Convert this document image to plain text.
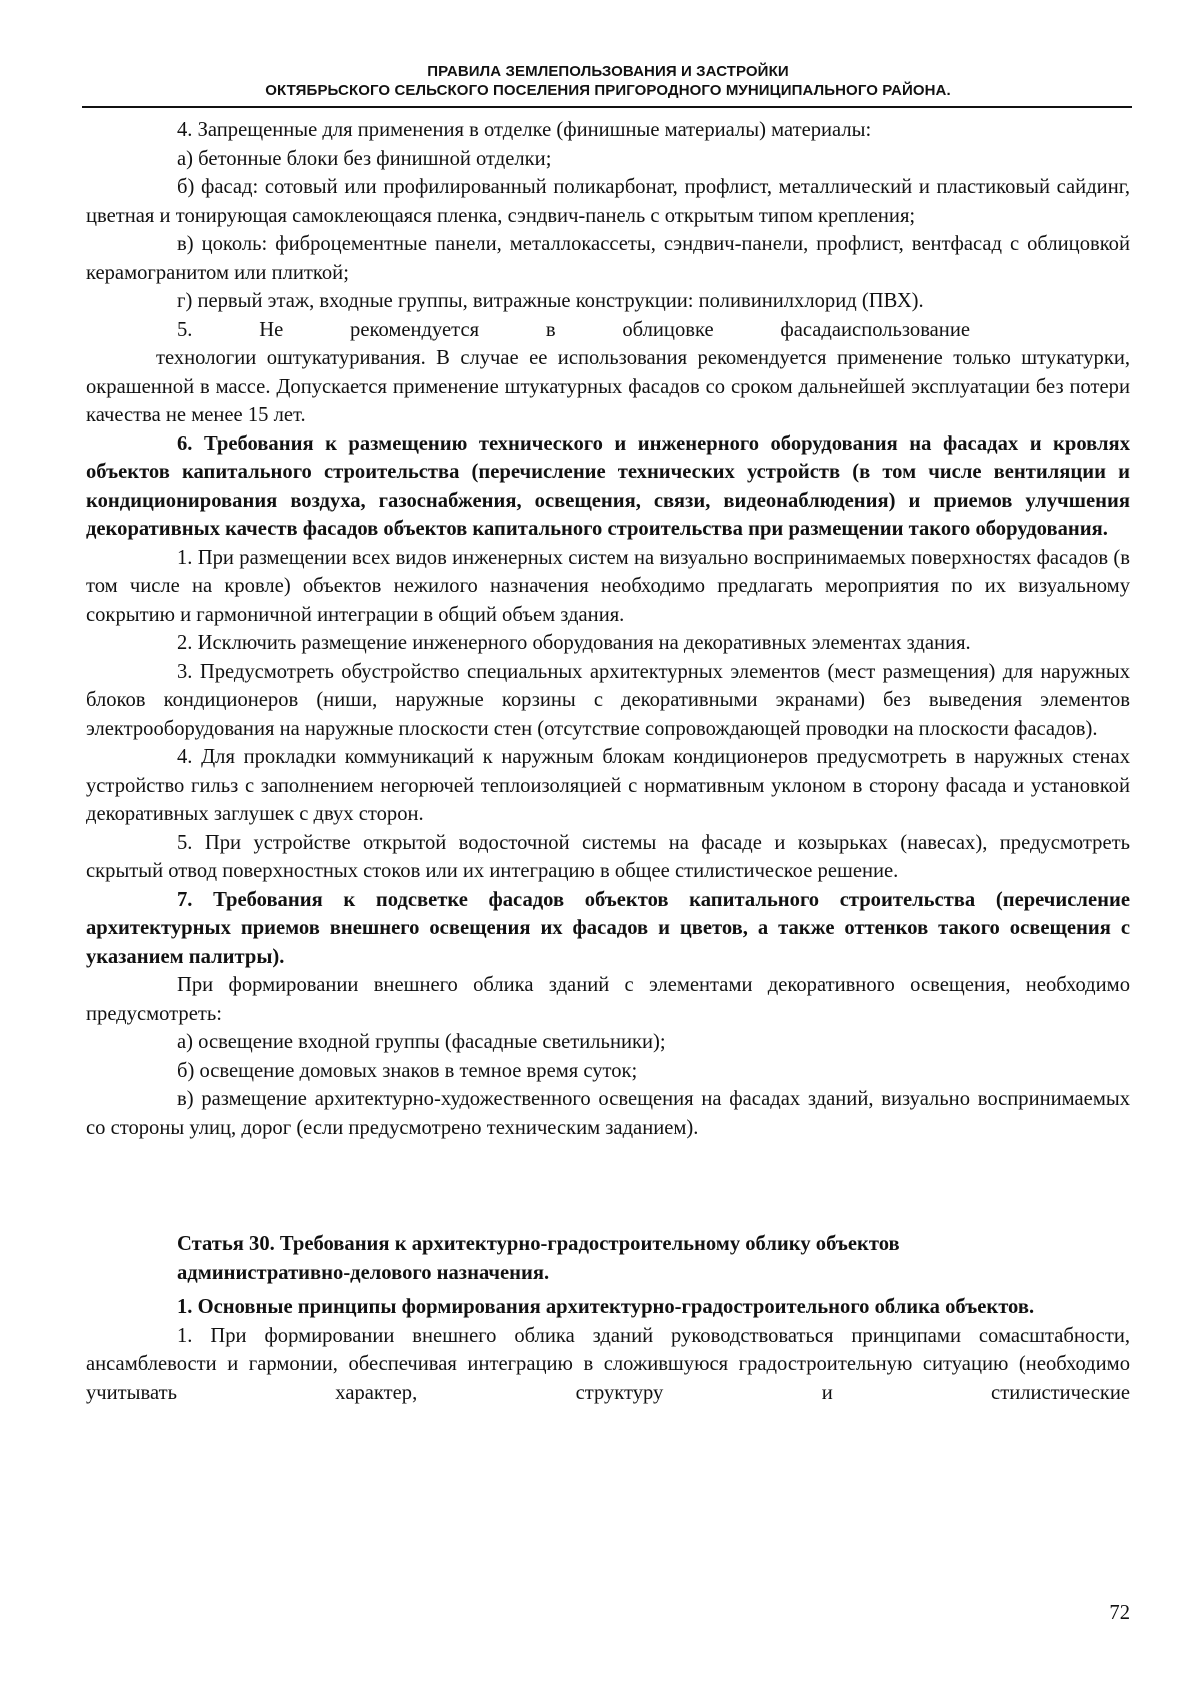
ПРАВИЛА ЗЕМЛЕПОЛЬЗОВАНИЯ И ЗАСТРОЙКИ
ОКТЯБРЬСКОГО СЕЛЬСКОГО ПОСЕЛЕНИЯ ПРИГОРОДНОГО МУНИЦИПАЛЬНОГО РАЙОНА.

4. Запрещенные для применения в отделке (финишные материалы) материалы:

а) бетонные блоки без финишной отделки;

б) фасад: сотовый или профилированный поликарбонат, профлист, металлический и пластиковый сайдинг, цветная и тонирующая самоклеющаяся пленка, сэндвич-панель с открытым типом крепления;

в) цоколь: фиброцементные панели, металлокассеты, сэндвич-панели, профлист, вентфасад с облицовкой керамогранитом или плиткой;

г) первый этаж, входные группы, витражные конструкции: поливинилхлорид (ПВХ).

5. Не рекомендуется в облицовке фасадаиспользование

технологии оштукатуривания. В случае ее использования рекомендуется применение только штукатурки, окрашенной в массе. Допускается применение штукатурных фасадов со сроком дальнейшей эксплуатации без потери качества не менее 15 лет.

6. Требования к размещению технического и инженерного оборудования на фасадах и кровлях объектов капитального строительства (перечисление технических устройств (в том числе вентиляции и кондиционирования воздуха, газоснабжения, освещения, связи, видеонаблюдения) и приемов улучшения декоративных качеств фасадов объектов капитального строительства при размещении такого оборудования.

1. При размещении всех видов инженерных систем на визуально воспринимаемых поверхностях фасадов (в том числе на кровле) объектов нежилого назначения необходимо предлагать мероприятия по их визуальному сокрытию и гармоничной интеграции в общий объем здания.

2. Исключить размещение инженерного оборудования на декоративных элементах здания.

3. Предусмотреть обустройство специальных архитектурных элементов (мест размещения) для наружных блоков кондиционеров (ниши, наружные корзины с декоративными экранами) без выведения элементов электрооборудования на наружные плоскости стен (отсутствие сопровождающей проводки на плоскости фасадов).

4. Для прокладки коммуникаций к наружным блокам кондиционеров предусмотреть в наружных стенах устройство гильз с заполнением негорючей теплоизоляцией с нормативным уклоном в сторону фасада и установкой декоративных заглушек с двух сторон.

5. При устройстве открытой водосточной системы на фасаде и козырьках (навесах), предусмотреть скрытый отвод поверхностных стоков или их интеграцию в общее стилистическое решение.

7. Требования к подсветке фасадов объектов капитального строительства (перечисление архитектурных приемов внешнего освещения их фасадов и цветов, а также оттенков такого освещения с указанием палитры).

При формировании внешнего облика зданий с элементами декоративного освещения, необходимо предусмотреть:

а) освещение входной группы (фасадные светильники);

б) освещение домовых знаков в темное время суток;

в) размещение архитектурно-художественного освещения на фасадах зданий, визуально воспринимаемых со стороны улиц, дорог (если предусмотрено техническим заданием).

Статья 30. Требования к архитектурно-градостроительному облику объектов

административно-делового назначения.

1. Основные принципы формирования архитектурно-градостроительного облика объектов.

1. При формировании внешнего облика зданий руководствоваться принципами сомасштабности, ансамблевости и гармонии, обеспечивая интеграцию в сложившуюся градостроительную ситуацию (необходимо учитывать характер, структуру и стилистические

72
